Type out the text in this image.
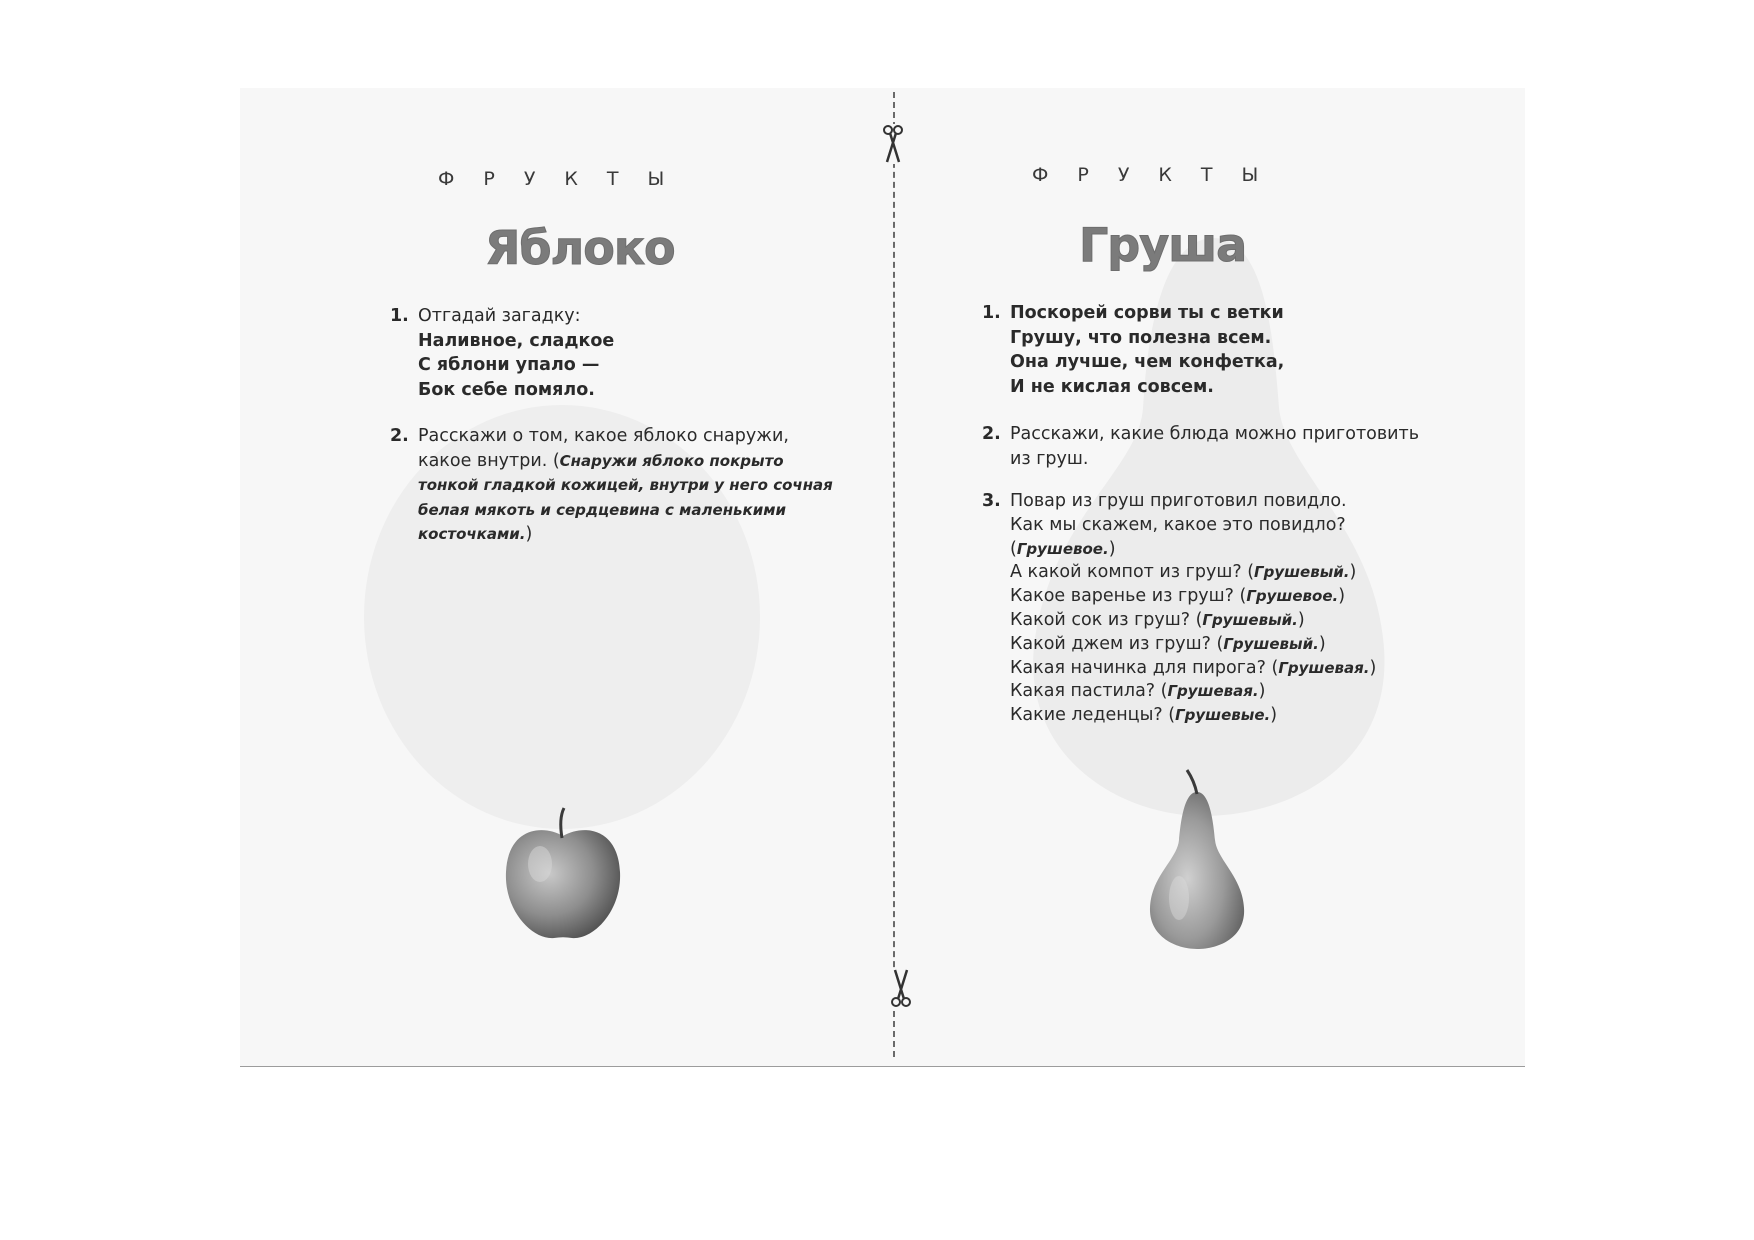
ФРУКТЫ
Яблоко
1. Отгадай загадку:
Наливное, сладкое
С яблони упало —
Бок себе помяло.
2. Расскажи о том, какое яблоко снаружи,
какое внутри. (Снаружи яблоко покрыто
тонкой гладкой кожицей, внутри у него сочная
белая мякоть и сердцевина с маленькими
косточками.)
ФРУКТЫ
Груша
1. Поскорей сорви ты с ветки
Грушу, что полезна всем.
Она лучше, чем конфетка,
И не кислая совсем.
2. Расскажи, какие блюда можно приготовить
из груш.
3. Повар из груш приготовил повидло.
Как мы скажем, какое это повидло?
(Грушевое.)
А какой компот из груш? (Грушевый.)
Какое варенье из груш? (Грушевое.)
Какой сок из груш? (Грушевый.)
Какой джем из груш? (Грушевый.)
Какая начинка для пирога? (Грушевая.)
Какая пастила? (Грушевая.)
Какие леденцы? (Грушевые.)
